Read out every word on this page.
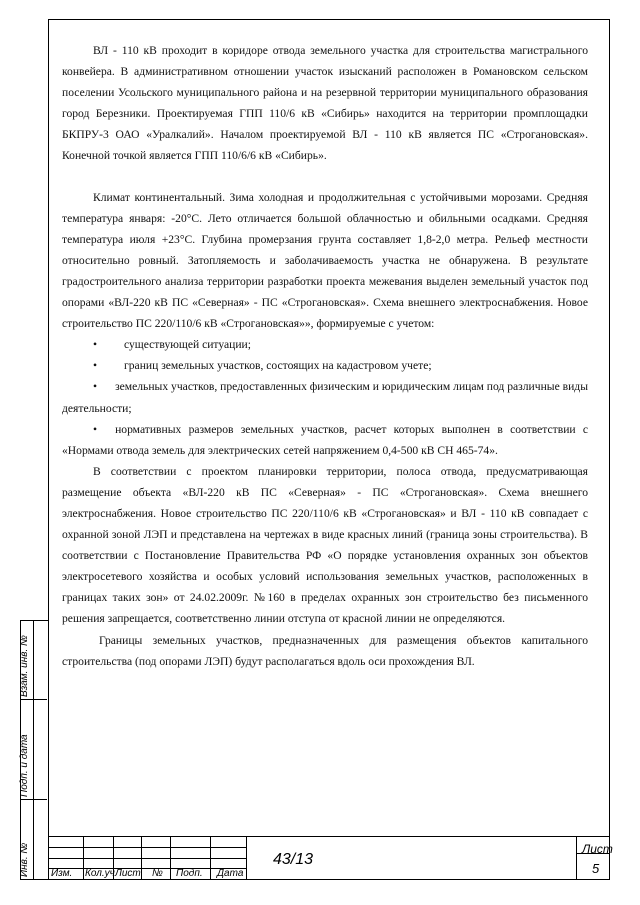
ВЛ - 110 кВ проходит в коридоре отвода земельного участка для строительства магистрального конвейера. В административном отношении участок изысканий расположен в Романовском сельском поселении Усольского муниципального района и на резервной территории муниципального образования город Березники. Проектируемая ГПП 110/6 кВ «Сибирь» находится на территории промплощадки БКПРУ-3 ОАО «Уралкалий». Началом проектируемой ВЛ - 110 кВ является ПС «Строгановская». Конечной точкой является ГПП 110/6/6 кВ «Сибирь».

Климат континентальный. Зима холодная и продолжительная с устойчивыми морозами. Средняя температура января: -20°С. Лето отличается большой облачностью и обильными осадками. Средняя температура июля +23°С. Глубина промерзания грунта составляет 1,8-2,0 метра. Рельеф местности относительно ровный. Затопляемость и заболачиваемость участка не обнаружена. В результате градостроительного анализа территории разработки проекта межевания выделен земельный участок под опорами «ВЛ-220 кВ ПС «Северная» - ПС «Строгановская». Схема внешнего электроснабжения. Новое строительство ПС 220/110/6 кВ «Строгановская»», формируемые с учетом:

•	существующей ситуации;
•	границ земельных участков, состоящих на кадастровом учете;

• земельных участков, предоставленных физическим и юридическим лицам под различные виды деятельности;

• нормативных размеров земельных участков, расчет которых выполнен в соответствии с «Нормами отвода земель для электрических сетей напряжением 0,4-500 кВ СН 465-74».

В соответствии с проектом планировки территории, полоса отвода, предусматривающая размещение объекта «ВЛ-220 кВ ПС «Северная» - ПС «Строгановская». Схема внешнего электроснабжения. Новое строительство ПС 220/110/6 кВ «Строгановская» и ВЛ - 110 кВ совпадает с охранной зоной ЛЭП и представлена на чертежах в виде красных линий (граница зоны строительства). В соответствии с Постановление Правительства РФ «О порядке установления охранных зон объектов электросетевого хозяйства и особых условий использования земельных участков, расположенных в границах таких зон» от 24.02.2009г. №160 в пределах охранных зон строительство без письменного решения запрещается, соответственно линии отступа от красной линии не определяются.

Границы земельных участков, предназначенных для размещения объектов капитального строительства (под опорами ЛЭП) будут располагаться вдоль оси прохождения ВЛ.

Взам. инв. №
Подп. и дата
Инв. № Изм. Кол.уч Лист № Подп. Дата
43/13
Лист
5
